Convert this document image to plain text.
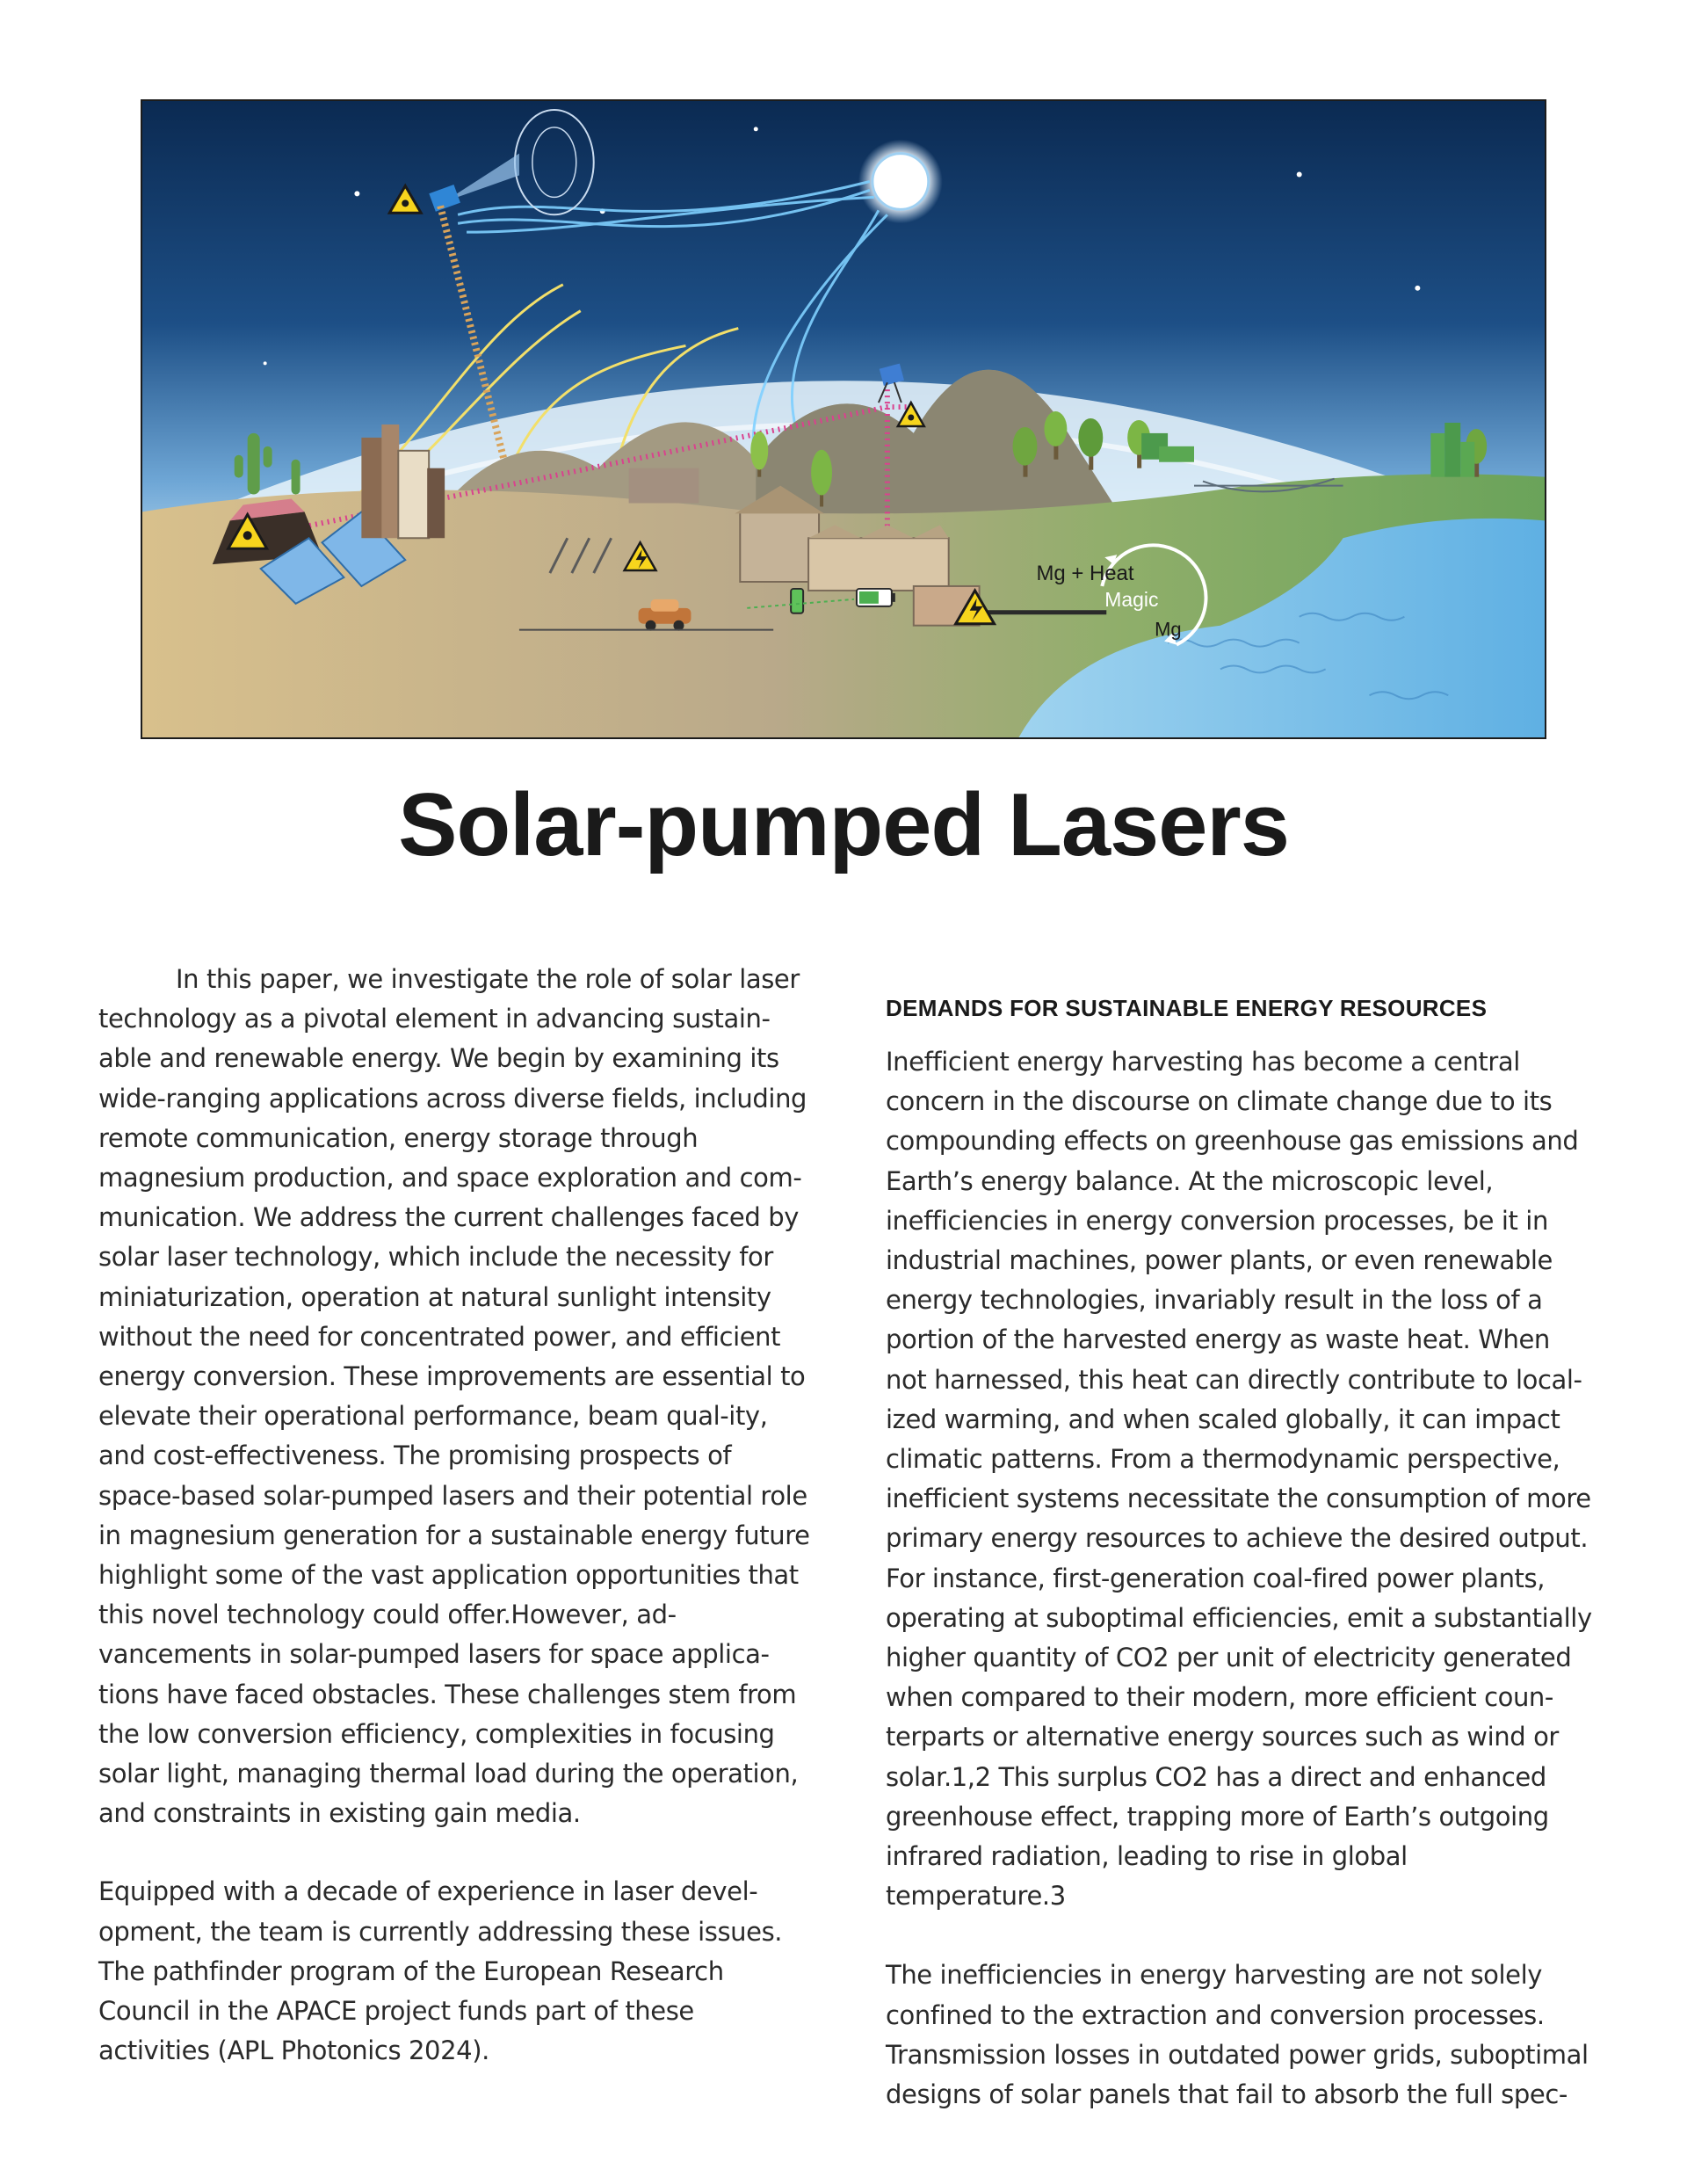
Mg + Heat
Magic
Mg
Solar-pumped Lasers

In this paper, we investigate the role of solar laser technology as a pivotal element in advancing sustain-able and renewable energy. We begin by examining its wide-ranging applications across diverse fields, including remote communication, energy storage through magnesium production, and space exploration and com-munication. We address the current challenges faced by solar laser technology, which include the necessity for miniaturization, operation at natural sunlight intensity without the need for concentrated power, and efficient energy conversion. These improvements are essential to elevate their operational performance, beam qual-ity, and cost-effectiveness. The promising prospects of space-based solar-pumped lasers and their potential role in magnesium generation for a sustainable energy future highlight some of the vast application opportunities that this novel technology could offer.However, ad-vancements in solar-pumped lasers for space applica-tions have faced obstacles. These challenges stem from the low conversion efficiency, complexities in focusing solar light, managing thermal load during the operation, and constraints in existing gain media.

Equipped with a decade of experience in laser devel-opment, the team is currently addressing these issues. The pathfinder program of the European Research Council in the APACE project funds part of these activities (APL Photonics 2024).

DEMANDS FOR SUSTAINABLE ENERGY RESOURCES

Inefficient energy harvesting has become a central concern in the discourse on climate change due to its compounding effects on greenhouse gas emissions and Earth’s energy balance. At the microscopic level, inefficiencies in energy conversion processes, be it in industrial machines, power plants, or even renewable energy technologies, invariably result in the loss of a portion of the harvested energy as waste heat. When not harnessed, this heat can directly contribute to local-ized warming, and when scaled globally, it can impact climatic patterns. From a thermodynamic perspective, inefficient systems necessitate the consumption of more primary energy resources to achieve the desired output. For instance, first-generation coal-fired power plants, operating at suboptimal efficiencies, emit a substantially higher quantity of CO2 per unit of electricity generated when compared to their modern, more efficient coun-terparts or alternative energy sources such as wind or solar.1,2 This surplus CO2 has a direct and enhanced greenhouse effect, trapping more of Earth’s outgoing infrared radiation, leading to rise in global temperature.3

The inefficiencies in energy harvesting are not solely confined to the extraction and conversion processes. Transmission losses in outdated power grids, suboptimal designs of solar panels that fail to absorb the full spec-
